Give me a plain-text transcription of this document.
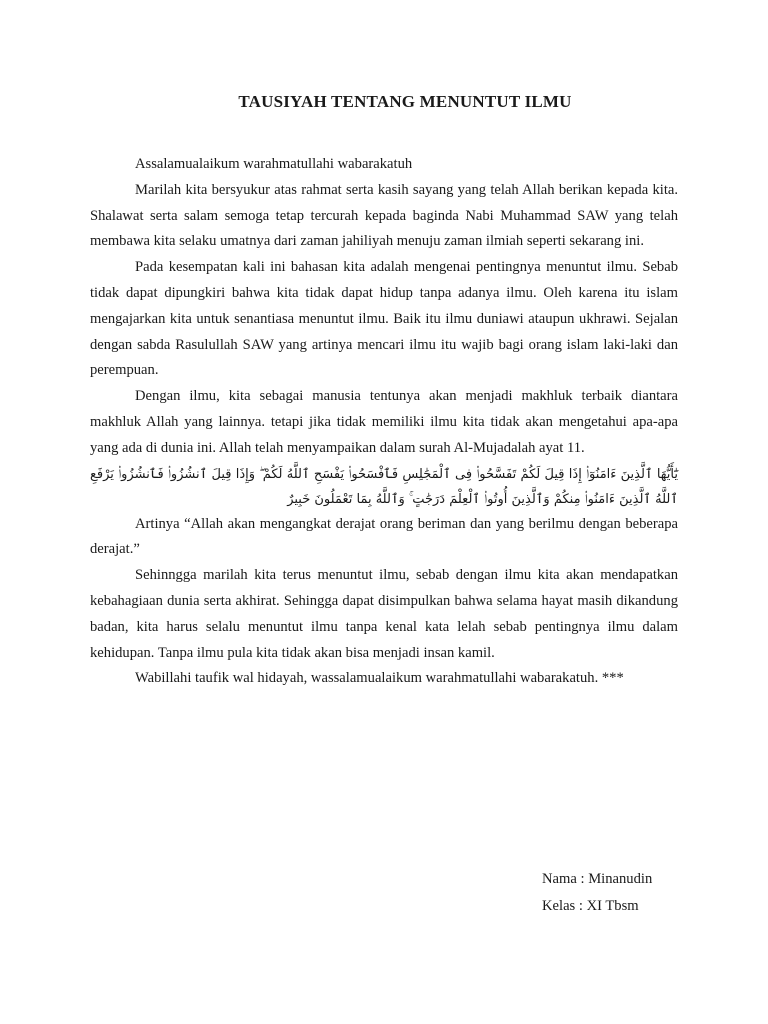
TAUSIYAH TENTANG MENUNTUT ILMU

Assalamualaikum warahmatullahi wabarakatuh

Marilah kita bersyukur atas rahmat serta kasih sayang yang telah Allah berikan kepada kita. Shalawat serta salam semoga tetap tercurah kepada baginda Nabi Muhammad SAW yang telah membawa kita selaku umatnya dari zaman jahiliyah menuju zaman ilmiah seperti sekarang ini.

Pada kesempatan kali ini bahasan kita adalah mengenai pentingnya menuntut ilmu. Sebab tidak dapat dipungkiri bahwa kita tidak dapat hidup tanpa adanya ilmu. Oleh karena itu islam mengajarkan kita untuk senantiasa menuntut ilmu. Baik itu ilmu duniawi ataupun ukhrawi. Sejalan dengan sabda Rasulullah SAW yang artinya mencari ilmu itu wajib bagi orang islam laki-laki dan perempuan.

Dengan ilmu, kita sebagai manusia tentunya akan menjadi makhluk terbaik diantara makhluk Allah yang lainnya. tetapi jika tidak memiliki ilmu kita tidak akan mengetahui apa-apa yang ada di dunia ini. Allah telah menyampaikan dalam surah Al-Mujadalah ayat 11.

يَٰٓأَيُّهَا ٱلَّذِينَ ءَامَنُوٓا۟ إِذَا قِيلَ لَكُمْ تَفَسَّحُوا۟ فِى ٱلْمَجَٰلِسِ فَٱفْسَحُوا۟ يَفْسَحِ ٱللَّهُ لَكُمْ ۖ وَإِذَا قِيلَ ٱنشُزُوا۟ فَٱنشُزُوا۟ يَرْفَعِ ٱللَّهُ ٱلَّذِينَ ءَامَنُوا۟ مِنكُمْ وَٱلَّذِينَ أُوتُوا۟ ٱلْعِلْمَ دَرَجَٰتٍ ۚ وَٱللَّهُ بِمَا تَعْمَلُونَ خَبِيرٌ

Artinya “Allah akan mengangkat derajat orang beriman dan yang berilmu dengan beberapa derajat.”

Sehinngga marilah kita terus menuntut ilmu, sebab dengan ilmu kita akan mendapatkan kebahagiaan dunia serta akhirat. Sehingga dapat disimpulkan bahwa selama hayat masih dikandung badan, kita harus selalu menuntut ilmu tanpa kenal kata lelah sebab pentingnya ilmu dalam kehidupan. Tanpa ilmu pula kita tidak akan bisa menjadi insan kamil.

Wabillahi taufik wal hidayah, wassalamualaikum warahmatullahi wabarakatuh. ***

Nama : Minanudin
Kelas : XI Tbsm
